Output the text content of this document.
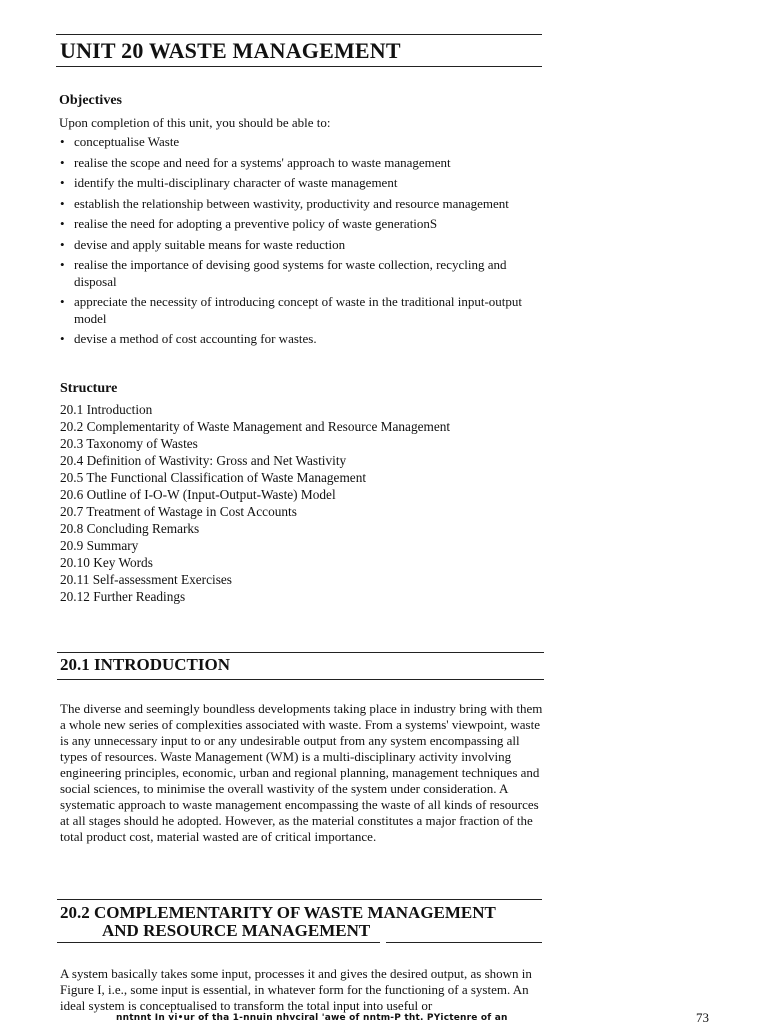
UNIT 20 WASTE MANAGEMENT
Objectives
Upon completion of this unit, you should be able to:
• conceptualise Waste
• realise the scope and need for a systems' approach to waste management
• identify the multi-disciplinary character of waste management
• establish the relationship between wastivity, productivity and resource management
• realise the need for adopting a preventive policy of waste generationS
• devise and apply suitable means for waste reduction
• realise the importance of devising good systems for waste collection, recycling and disposal
• appreciate the necessity of introducing concept of waste in the traditional input-output model
• devise a method of cost accounting for wastes.
Structure
20.1 Introduction
20.2 Complementarity of Waste Management and Resource Management
20.3 Taxonomy of Wastes
20.4 Definition of Wastivity: Gross and Net Wastivity
20.5 The Functional Classification of Waste Management
20.6 Outline of I-O-W (Input-Output-Waste) Model
20.7 Treatment of Wastage in Cost Accounts
20.8 Concluding Remarks
20.9 Summary
20.10 Key Words
20.11 Self-assessment Exercises
20.12 Further Readings
20.1 INTRODUCTION

The diverse and seemingly boundless developments taking place in industry bring with them a whole new series of complexities associated with waste. From a systems' viewpoint, waste is any unnecessary input to or any undesirable output from any system encompassing all types of resources. Waste Management (WM) is a multi-disciplinary activity involving engineering principles, economic, urban and regional planning, management techniques and social sciences, to minimise the overall wastivity of the system under consideration. A systematic approach to waste management encompassing the waste of all kinds of resources at all stages should he adopted. However, as the material constitutes a major fraction of the total product cost, material wasted are of critical importance.

20.2 COMPLEMENTARITY OF WASTE MANAGEMENT
AND RESOURCE MANAGEMENT

A system basically takes some input, processes it and gives the desired output, as shown in Figure I, i.e., some input is essential, in whatever form for the functioning of a system. An ideal system is conceptualised to transform the total input into useful or

nntnnt In vi•ur of tha 1-nnuin nhvciral 'awe of nntm-P tht. PYictenre of an	73
